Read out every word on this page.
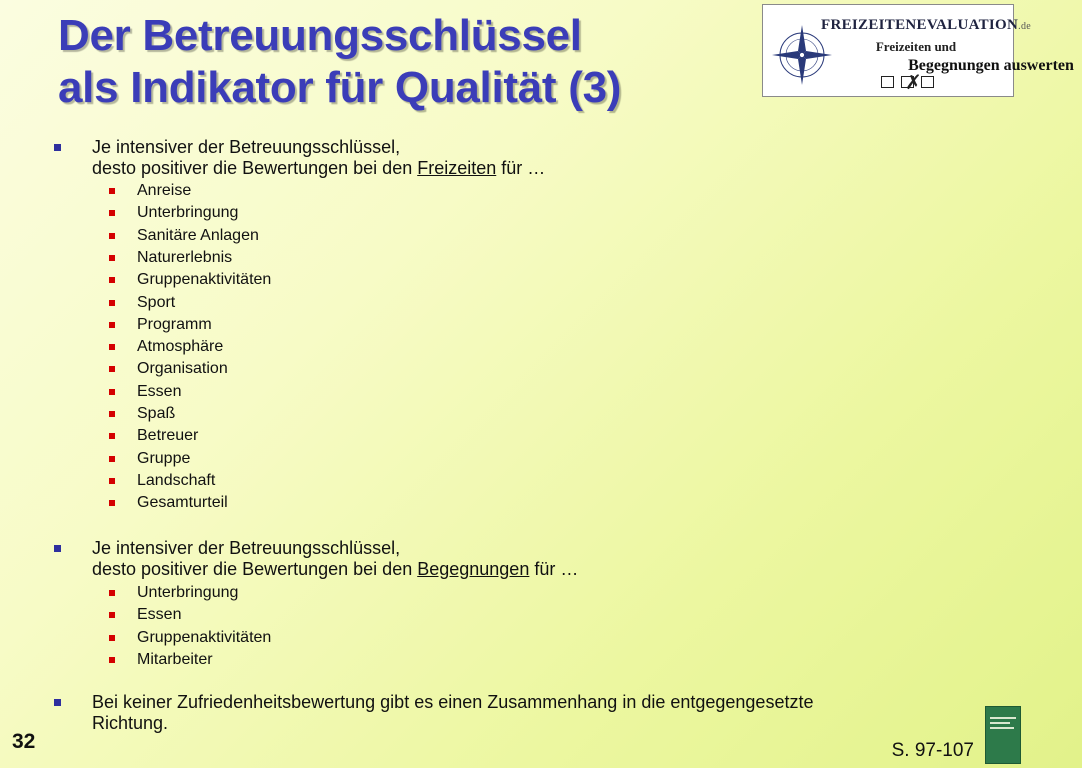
Der Betreuungsschlüssel
als Indikator für Qualität (3)
FREIZEITENEVALUATION.de
Freizeiten und
Begegnungen auswerten
✗
Je intensiver der Betreuungsschlüssel,
desto positiver die Bewertungen bei den Freizeiten für …
Anreise
Unterbringung
Sanitäre Anlagen
Naturerlebnis
Gruppenaktivitäten
Sport
Programm
Atmosphäre
Organisation
Essen
Spaß
Betreuer
Gruppe
Landschaft
Gesamturteil
Je intensiver der Betreuungsschlüssel,
desto positiver die Bewertungen bei den Begegnungen für …
Unterbringung
Essen
Gruppenaktivitäten
Mitarbeiter
Bei keiner Zufriedenheitsbewertung gibt es einen Zusammenhang in die entgegengesetzte
Richtung.
32	S. 97-107
